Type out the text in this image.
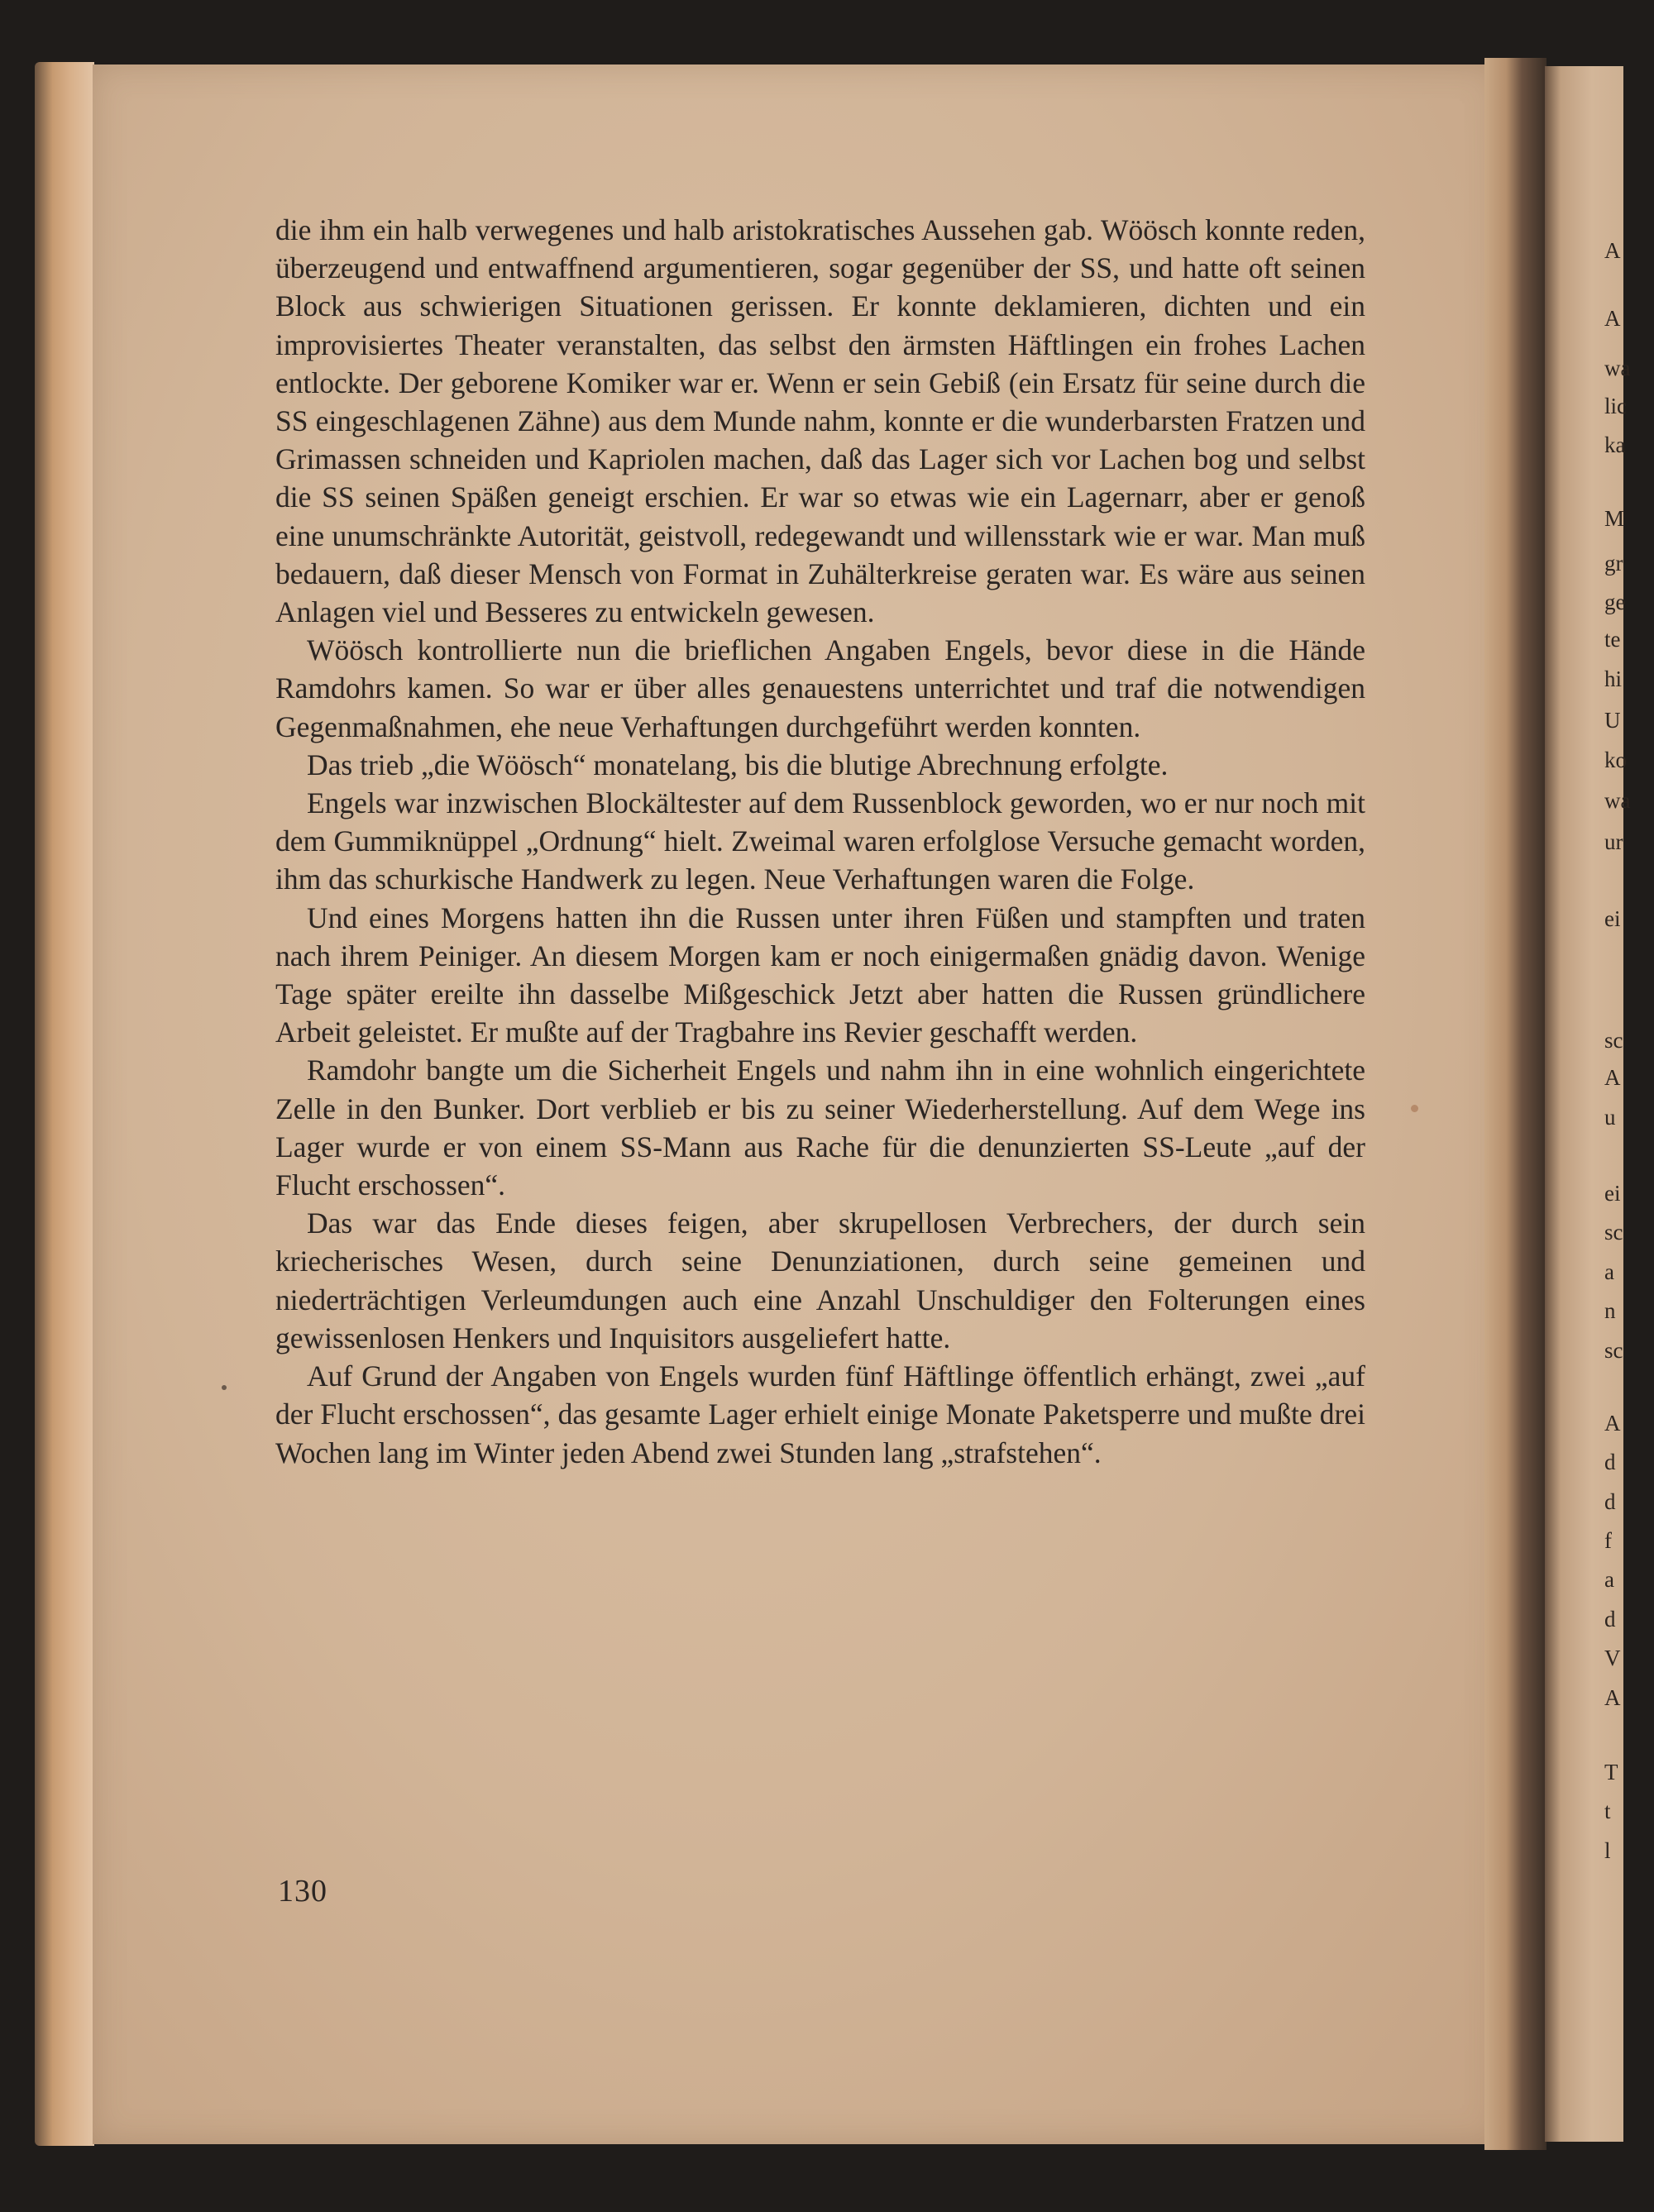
A
A
wa
lic
ka
M
gr
ge
te
hi
U
ko
wa
ur
ei
sc
A
u
ei
sc
a
n
sc
A
d
d
f
a
d
V
A
T
t
l

die ihm ein halb verwegenes und halb aristokratisches Aussehen gab. Wöösch konnte reden, überzeugend und entwaffnend argumentieren, sogar gegenüber der SS, und hatte oft seinen Block aus schwierigen Situationen gerissen. Er konnte deklamieren, dichten und ein improvisiertes Theater veranstalten, das selbst den ärmsten Häftlingen ein frohes Lachen entlockte. Der geborene Komiker war er. Wenn er sein Gebiß (ein Ersatz für seine durch die SS eingeschlagenen Zähne) aus dem Munde nahm, konnte er die wunderbarsten Fratzen und Grimassen schneiden und Kapriolen machen, daß das Lager sich vor Lachen bog und selbst die SS seinen Späßen geneigt erschien. Er war so etwas wie ein Lagernarr, aber er genoß eine unumschränkte Autorität, geistvoll, redegewandt und willensstark wie er war. Man muß bedauern, daß dieser Mensch von Format in Zuhälterkreise geraten war. Es wäre aus seinen Anlagen viel und Besseres zu entwickeln gewesen.

Wöösch kontrollierte nun die brieflichen Angaben Engels, bevor diese in die Hände Ramdohrs kamen. So war er über alles genauestens unterrichtet und traf die notwendigen Gegenmaßnahmen, ehe neue Verhaftungen durchgeführt werden konnten.

Das trieb „die Wöösch“ monatelang, bis die blutige Abrechnung erfolgte.

Engels war inzwischen Blockältester auf dem Russenblock geworden, wo er nur noch mit dem Gummiknüppel „Ordnung“ hielt. Zweimal waren erfolglose Versuche gemacht worden, ihm das schurkische Handwerk zu legen. Neue Verhaftungen waren die Folge.

Und eines Morgens hatten ihn die Russen unter ihren Füßen und stampften und traten nach ihrem Peiniger. An diesem Morgen kam er noch einigermaßen gnädig davon. Wenige Tage später ereilte ihn dasselbe Mißgeschick Jetzt aber hatten die Russen gründlichere Arbeit geleistet. Er mußte auf der Tragbahre ins Revier geschafft werden.

Ramdohr bangte um die Sicherheit Engels und nahm ihn in eine wohnlich eingerichtete Zelle in den Bunker. Dort verblieb er bis zu seiner Wiederherstellung. Auf dem Wege ins Lager wurde er von einem SS-Mann aus Rache für die denunzierten SS-Leute „auf der Flucht erschossen“.

Das war das Ende dieses feigen, aber skrupellosen Verbrechers, der durch sein kriecherisches Wesen, durch seine Denunziationen, durch seine gemeinen und niederträchtigen Verleumdungen auch eine Anzahl Unschuldiger den Folterungen eines gewissenlosen Henkers und Inquisitors ausgeliefert hatte.

Auf Grund der Angaben von Engels wurden fünf Häftlinge öffentlich erhängt, zwei „auf der Flucht erschossen“, das gesamte Lager erhielt einige Monate Paketsperre und mußte drei Wochen lang im Winter jeden Abend zwei Stunden lang „strafstehen“.

130
